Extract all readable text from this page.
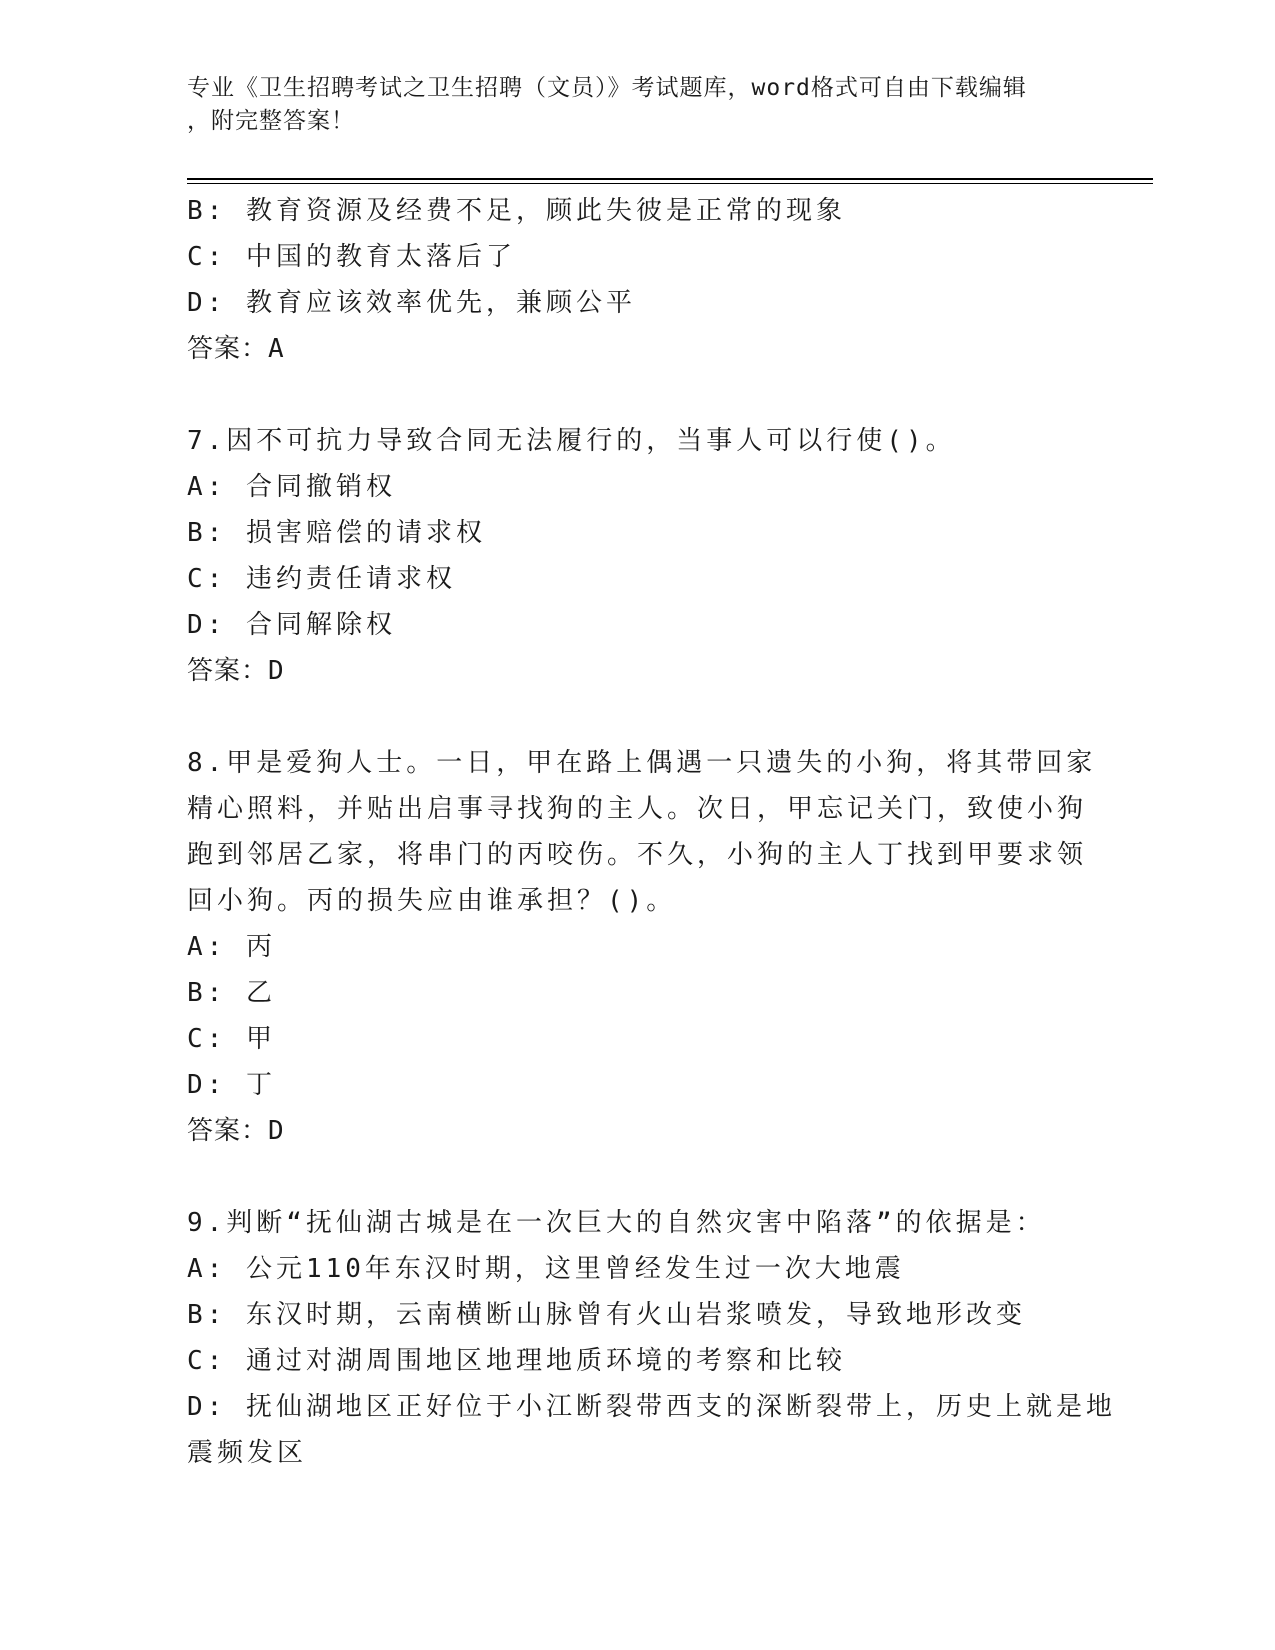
专业《卫生招聘考试之卫生招聘（文员）》考试题库，word格式可自由下载编辑
，附完整答案！
B: 教育资源及经费不足，顾此失彼是正常的现象
C: 中国的教育太落后了
D: 教育应该效率优先，兼顾公平
答案：A
7.因不可抗力导致合同无法履行的，当事人可以行使()。
A: 合同撤销权
B: 损害赔偿的请求权
C: 违约责任请求权
D: 合同解除权
答案：D
8.甲是爱狗人士。一日，甲在路上偶遇一只遗失的小狗，将其带回家
精心照料，并贴出启事寻找狗的主人。次日，甲忘记关门，致使小狗
跑到邻居乙家，将串门的丙咬伤。不久，小狗的主人丁找到甲要求领
回小狗。丙的损失应由谁承担？()。
A: 丙
B: 乙
C: 甲
D: 丁
答案：D
9.判断“抚仙湖古城是在一次巨大的自然灾害中陷落”的依据是：
A: 公元110年东汉时期，这里曾经发生过一次大地震
B: 东汉时期，云南横断山脉曾有火山岩浆喷发，导致地形改变
C: 通过对湖周围地区地理地质环境的考察和比较
D: 抚仙湖地区正好位于小江断裂带西支的深断裂带上，历史上就是地
震频发区
